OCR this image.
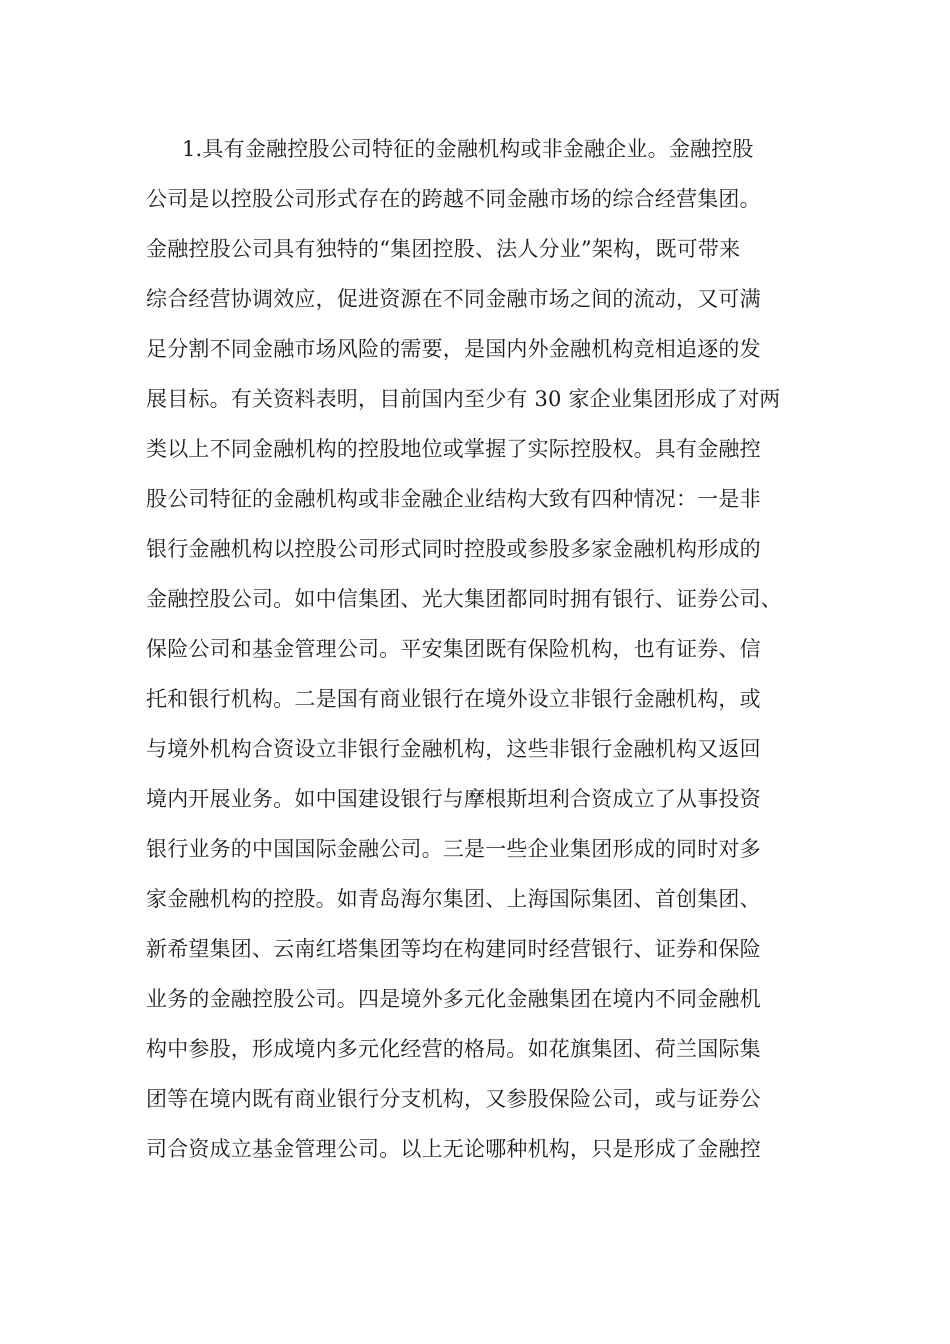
1.具有金融控股公司特征的金融机构或非金融企业。金融控股
公司是以控股公司形式存在的跨越不同金融市场的综合经营集团。
金融控股公司具有独特的“集团控股、法人分业”架构，既可带来
综合经营协调效应，促进资源在不同金融市场之间的流动，又可满
足分割不同金融市场风险的需要，是国内外金融机构竞相追逐的发
展目标。有关资料表明，目前国内至少有 30 家企业集团形成了对两
类以上不同金融机构的控股地位或掌握了实际控股权。具有金融控
股公司特征的金融机构或非金融企业结构大致有四种情况：一是非
银行金融机构以控股公司形式同时控股或参股多家金融机构形成的
金融控股公司。如中信集团、光大集团都同时拥有银行、证券公司、
保险公司和基金管理公司。平安集团既有保险机构，也有证券、信
托和银行机构。二是国有商业银行在境外设立非银行金融机构，或
与境外机构合资设立非银行金融机构，这些非银行金融机构又返回
境内开展业务。如中国建设银行与摩根斯坦利合资成立了从事投资
银行业务的中国国际金融公司。三是一些企业集团形成的同时对多
家金融机构的控股。如青岛海尔集团、上海国际集团、首创集团、
新希望集团、云南红塔集团等均在构建同时经营银行、证券和保险
业务的金融控股公司。四是境外多元化金融集团在境内不同金融机
构中参股，形成境内多元化经营的格局。如花旗集团、荷兰国际集
团等在境内既有商业银行分支机构，又参股保险公司，或与证券公
司合资成立基金管理公司。以上无论哪种机构，只是形成了金融控
